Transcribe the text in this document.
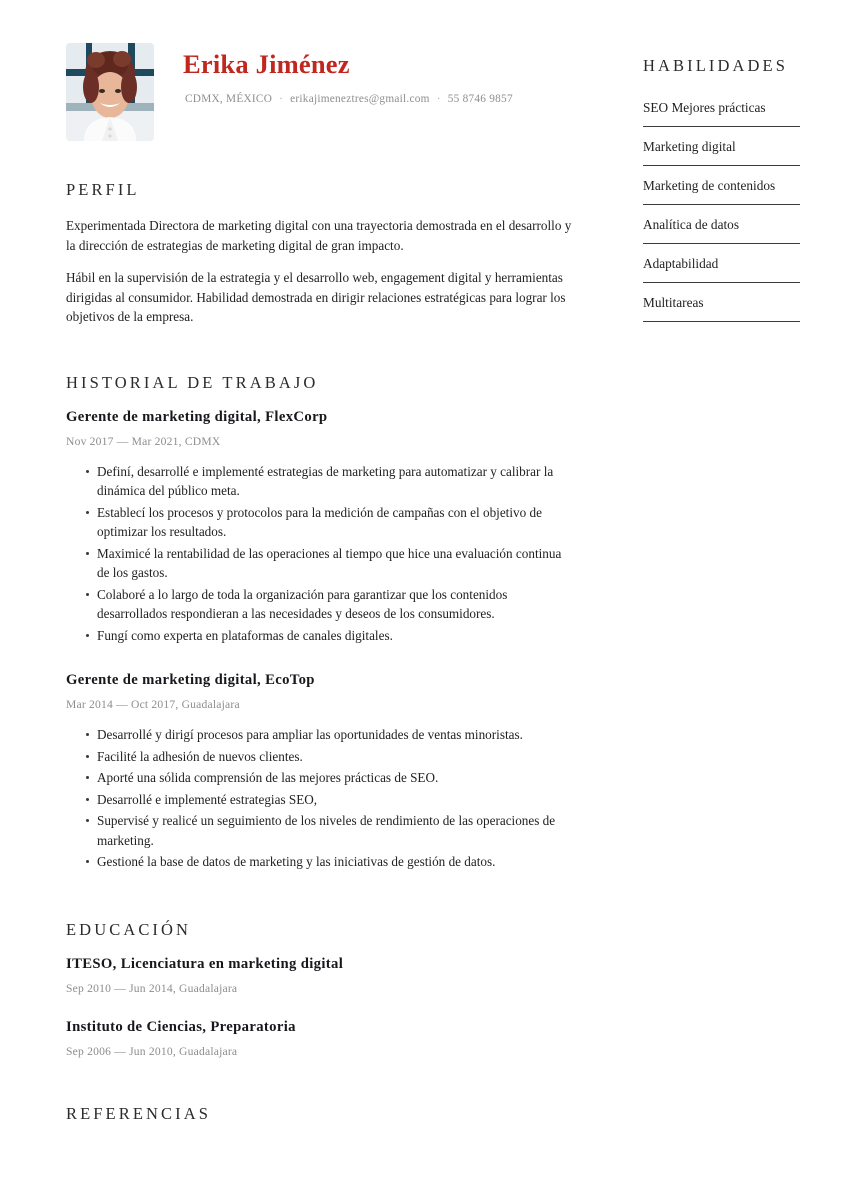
Erika Jiménez
CDMX, MÉXICO · erikajimeneztres@gmail.com · 55 8746 9857
PERFIL

Experimentada Directora de marketing digital con una trayectoria demostrada en el desarrollo y la dirección de estrategias de marketing digital de gran impacto.

Hábil en la supervisión de la estrategia y el desarrollo web, engagement digital y herramientas dirigidas al consumidor. Habilidad demostrada en dirigir relaciones estratégicas para lograr los objetivos de la empresa.

HISTORIAL DE TRABAJO
Gerente de marketing digital, FlexCorp

Nov 2017 — Mar 2021, CDMX

Definí, desarrollé e implementé estrategias de marketing para automatizar y calibrar la dinámica del público meta.
Establecí los procesos y protocolos para la medición de campañas con el objetivo de optimizar los resultados.
Maximicé la rentabilidad de las operaciones al tiempo que hice una evaluación continua de los gastos.
Colaboré a lo largo de toda la organización para garantizar que los contenidos desarrollados respondieran a las necesidades y deseos de los consumidores.
Fungí como experta en plataformas de canales digitales.
Gerente de marketing digital, EcoTop

Mar 2014 — Oct 2017, Guadalajara

Desarrollé y dirigí procesos para ampliar las oportunidades de ventas minoristas.
Facilité la adhesión de nuevos clientes.
Aporté una sólida comprensión de las mejores prácticas de SEO.
Desarrollé e implementé estrategias SEO,
Supervisé y realicé un seguimiento de los niveles de rendimiento de las operaciones de marketing.
Gestioné la base de datos de marketing y las iniciativas de gestión de datos.
EDUCACIÓN
ITESO, Licenciatura en marketing digital

Sep 2010 — Jun 2014, Guadalajara

Instituto de Ciencias, Preparatoria

Sep 2006 — Jun 2010, Guadalajara

REFERENCIAS
HABILIDADES
SEO Mejores prácticas
Marketing digital
Marketing de contenidos
Analítica de datos
Adaptabilidad
Multitareas
